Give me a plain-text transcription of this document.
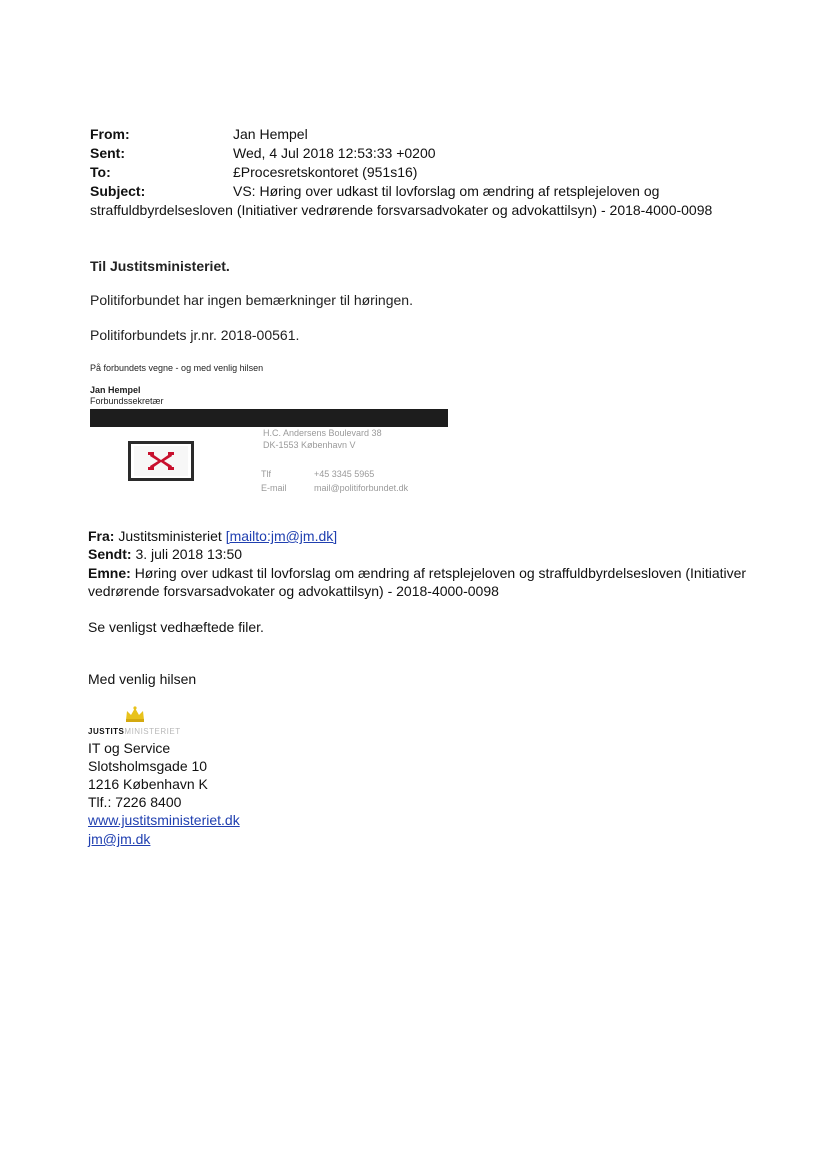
From:	Jan Hempel
Sent:	Wed, 4 Jul 2018 12:53:33 +0200
To:	£Procesretskontoret (951s16)
Subject:	VS: Høring over udkast til lovforslag om ændring af retsplejeloven og
straffuldbyrdelsesloven (Initiativer vedrørende forsvarsadvokater og advokattilsyn) - 2018-4000-0098
Til Justitsministeriet.
Politiforbundet har ingen bemærkninger til høringen.
Politiforbundets jr.nr. 2018-00561.
På forbundets vegne - og med venlig hilsen
Jan Hempel
Forbundssekretær
H.C. Andersens Boulevard 38
DK-1553 København V
Tlf	+45 3345 5965
E-mail	mail@politiforbundet.dk
Fra: Justitsministeriet [mailto:jm@jm.dk]
Sendt: 3. juli 2018 13:50
Emne: Høring over udkast til lovforslag om ændring af retsplejeloven og straffuldbyrdelsesloven (Initiativer
vedrørende forsvarsadvokater og advokattilsyn) - 2018-4000-0098
Se venligst vedhæftede filer.
Med venlig hilsen
JUSTITSMINISTERIET
IT og Service
Slotsholmsgade 10
1216 København K
Tlf.: 7226 8400
www.justitsministeriet.dk
jm@jm.dk
